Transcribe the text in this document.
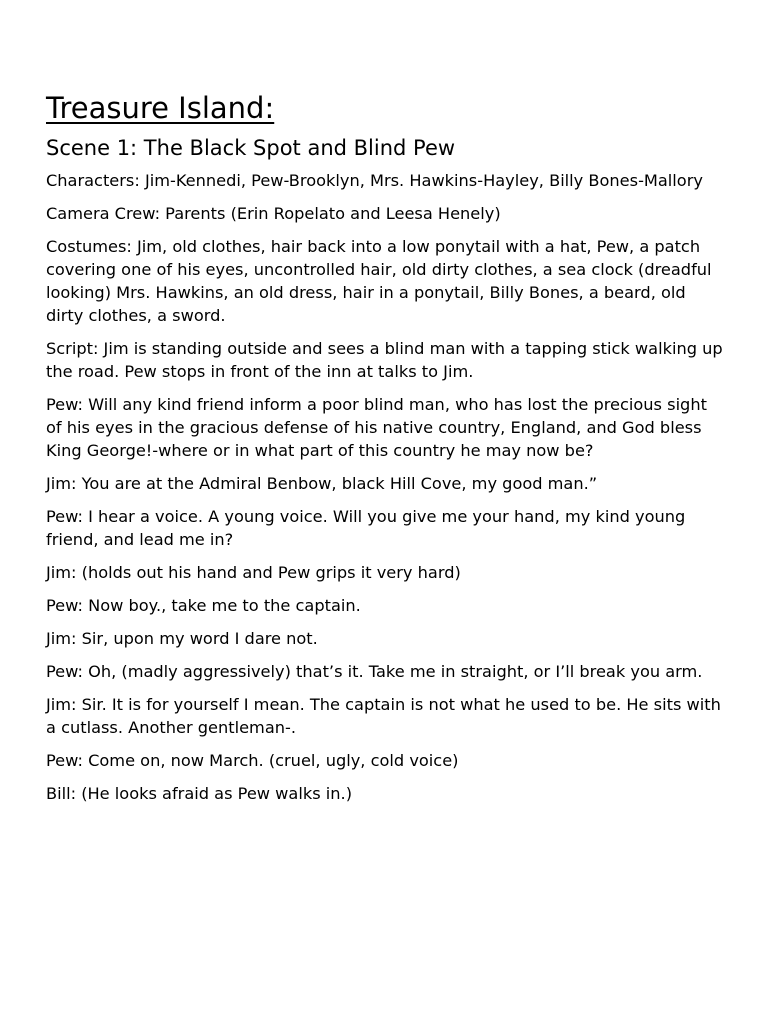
Treasure Island:
Scene 1: The Black Spot and Blind Pew

Characters: Jim-Kennedi, Pew-Brooklyn, Mrs. Hawkins-Hayley, Billy Bones-Mallory

Camera Crew: Parents (Erin Ropelato and Leesa Henely)

Costumes: Jim, old clothes, hair back into a low ponytail with a hat, Pew, a patch covering one of his eyes, uncontrolled hair, old dirty clothes, a sea clock (dreadful looking) Mrs. Hawkins, an old dress, hair in a ponytail, Billy Bones, a beard, old dirty clothes, a sword.

Script: Jim is standing outside and sees a blind man with a tapping stick walking up the road. Pew stops in front of the inn at talks to Jim.

Pew: Will any kind friend inform a poor blind man, who has lost the precious sight of his eyes in the gracious defense of his native country, England, and God bless King George!-where or in what part of this country he may now be?

Jim: You are at the Admiral Benbow, black Hill Cove, my good man.”

Pew: I hear a voice. A young voice. Will you give me your hand, my kind young friend, and lead me in?

Jim: (holds out his hand and Pew grips it very hard)

Pew: Now boy., take me to the captain.

Jim: Sir, upon my word I dare not.

Pew: Oh, (madly aggressively) that’s it. Take me in straight, or I’ll break you arm.

Jim: Sir. It is for yourself I mean. The captain is not what he used to be. He sits with a cutlass. Another gentleman-.

Pew: Come on, now March. (cruel, ugly, cold voice)

Bill: (He looks afraid as Pew walks in.)
